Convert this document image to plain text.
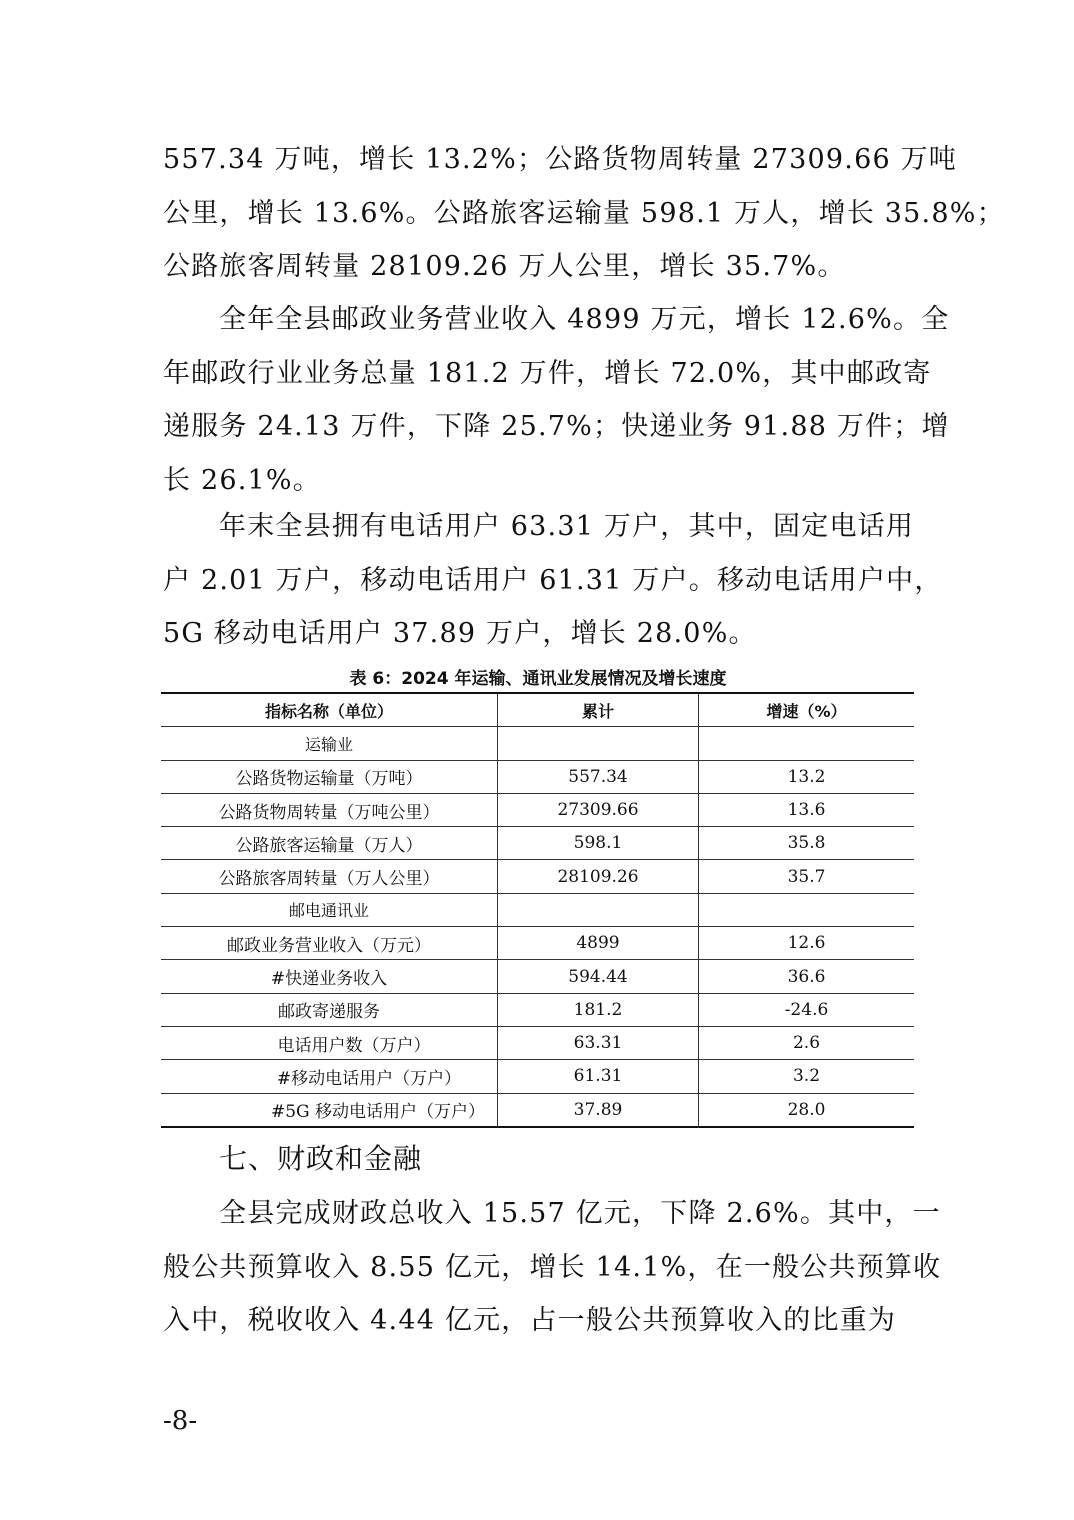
557.34 万吨，增长 13.2%；公路货物周转量 27309.66 万吨
公里，增长 13.6%。公路旅客运输量 598.1 万人，增长 35.8%；
公路旅客周转量 28109.26 万人公里，增长 35.7%。
全年全县邮政业务营业收入 4899 万元，增长 12.6%。全
年邮政行业业务总量 181.2 万件，增长 72.0%，其中邮政寄
递服务 24.13 万件，下降 25.7%；快递业务 91.88 万件；增
长 26.1%。
年末全县拥有电话用户 63.31 万户，其中，固定电话用
户 2.01 万户，移动电话用户 61.31 万户。移动电话用户中，
5G 移动电话用户 37.89 万户，增长 28.0%。
表 6：2024 年运输、通讯业发展情况及增长速度
指标名称（单位）	累计	增速（%）
运输业		
公路货物运输量（万吨）	557.34	13.2
公路货物周转量（万吨公里）	27309.66	13.6
公路旅客运输量（万人）	598.1	35.8
公路旅客周转量（万人公里）	28109.26	35.7
邮电通讯业		
邮政业务营业收入（万元）	4899	12.6
#快递业务收入	594.44	36.6
邮政寄递服务	181.2	-24.6
电话用户数（万户）	63.31	2.6
#移动电话用户（万户）	61.31	3.2
#5G 移动电话用户（万户）	37.89	28.0
七、财政和金融
全县完成财政总收入 15.57 亿元，下降 2.6%。其中，一
般公共预算收入 8.55 亿元，增长 14.1%，在一般公共预算收
入中，税收收入 4.44 亿元，占一般公共预算收入的比重为
-8-
